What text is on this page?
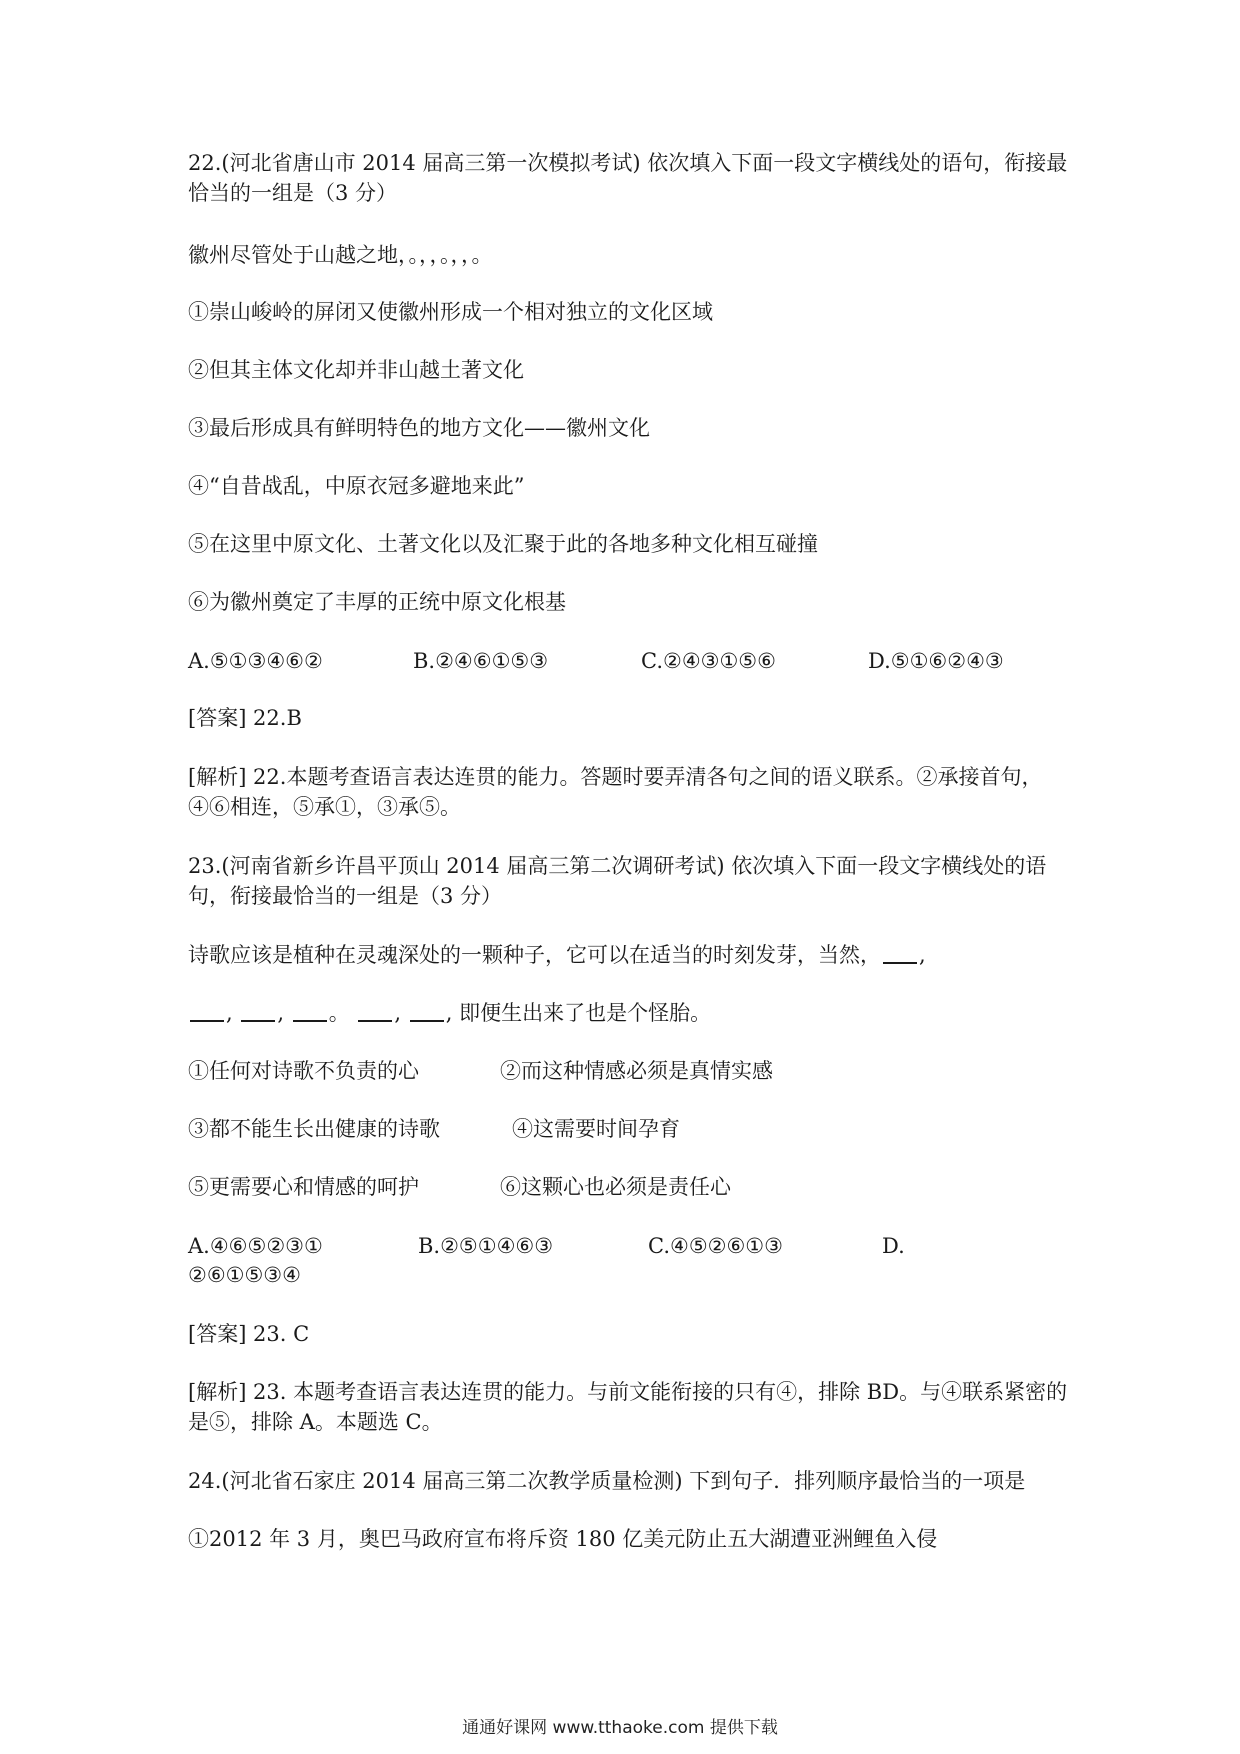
22.(河北省唐山市 2014 届高三第一次模拟考试) 依次填入下面一段文字横线处的语句，衔接最恰当的一组是（3 分）
徽州尽管处于山越之地，。，，。，，。
①崇山峻岭的屏闭又使徽州形成一个相对独立的文化区域
②但其主体文化却并非山越土著文化
③最后形成具有鲜明特色的地方文化——徽州文化
④“自昔战乱，中原衣冠多避地来此”
⑤在这里中原文化、土著文化以及汇聚于此的各地多种文化相互碰撞
⑥为徽州奠定了丰厚的正统中原文化根基
A.⑤①③④⑥②	B.②④⑥①⑤③	C.②④③①⑤⑥	D.⑤①⑥②④③
[答案] 22.B
[解析] 22.本题考查语言表达连贯的能力。答题时要弄清各句之间的语义联系。②承接首句，④⑥相连，⑤承①，③承⑤。
23.(河南省新乡许昌平顶山 2014 届高三第二次调研考试) 依次填入下面一段文字横线处的语句，衔接最恰当的一组是（3 分）
诗歌应该是植种在灵魂深处的一颗种子，它可以在适当的时刻发芽，当然， ,
, , 。 , , 即便生出来了也是个怪胎。
①任何对诗歌不负责的心	②而这种情感必须是真情实感
③都不能生长出健康的诗歌	④这需要时间孕育
⑤更需要心和情感的呵护	⑥这颗心也必须是责任心
A.④⑥⑤②③①	B.②⑤①④⑥③	C.④⑤②⑥①③	D.
②⑥①⑤③④
[答案] 23. C
[解析] 23. 本题考查语言表达连贯的能力。与前文能衔接的只有④，排除 BD。与④联系紧密的是⑤，排除 A。本题选 C。
24.(河北省石家庄 2014 届高三第二次教学质量检测) 下到句子．排列顺序最恰当的一项是
①2012 年 3 月，奥巴马政府宣布将斥资 180 亿美元防止五大湖遭亚洲鲤鱼入侵
通通好课网 www.tthaoke.com 提供下载
